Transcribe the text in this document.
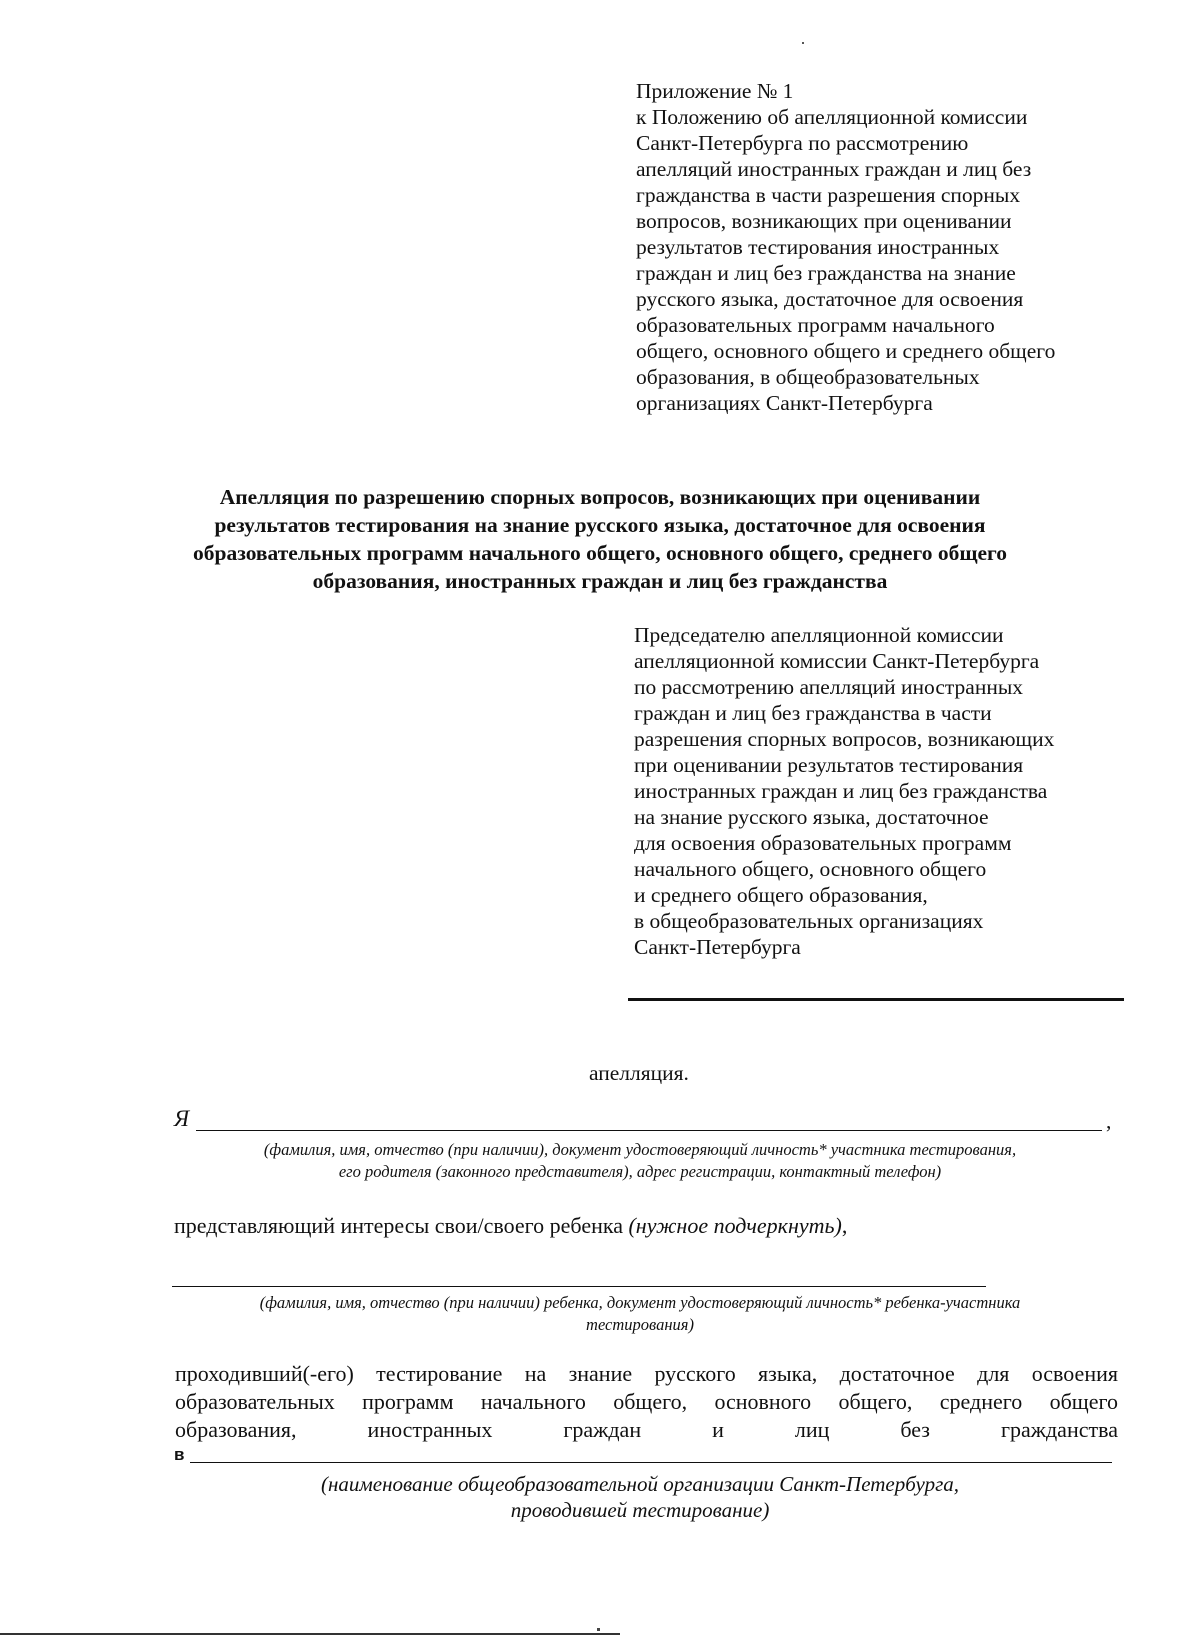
Приложение № 1
к Положению об апелляционной комиссии
Санкт-Петербурга по рассмотрению
апелляций иностранных граждан и лиц без
гражданства в части разрешения спорных
вопросов, возникающих при оценивании
результатов тестирования иностранных
граждан и лиц без гражданства на знание
русского языка, достаточное для освоения
образовательных программ начального
общего, основного общего и среднего общего
образования, в общеобразовательных
организациях Санкт-Петербурга
Апелляция по разрешению спорных вопросов, возникающих при оценивании
результатов тестирования на знание русского языка, достаточное для освоения
образовательных программ начального общего, основного общего, среднего общего
образования, иностранных граждан и лиц без гражданства
Председателю апелляционной комиссии
апелляционной комиссии Санкт-Петербурга
по рассмотрению апелляций иностранных
граждан и лиц без гражданства в части
разрешения спорных вопросов, возникающих
при оценивании результатов тестирования
иностранных граждан и лиц без гражданства
на знание русского языка, достаточное
для освоения образовательных программ
начального общего, основного общего
и среднего общего образования,
в общеобразовательных организациях
Санкт-Петербурга
апелляция.
Я	,
(фамилия, имя, отчество (при наличии), документ удостоверяющий личность* участника тестирования,
его родителя (законного представителя), адрес регистрации, контактный телефон)
представляющий интересы свои/своего ребенка (нужное подчеркнуть),
(фамилия, имя, отчество (при наличии) ребенка, документ удостоверяющий личность* ребенка-участника
тестирования)
проходивший(-его) тестирование на знание русского языка, достаточное для освоения
образовательных программ начального общего, основного общего, среднего общего
образования,	иностранных	граждан	и	лиц	без	гражданства
в
(наименование общеобразовательной организации Санкт-Петербурга,
проводившей тестирование)
